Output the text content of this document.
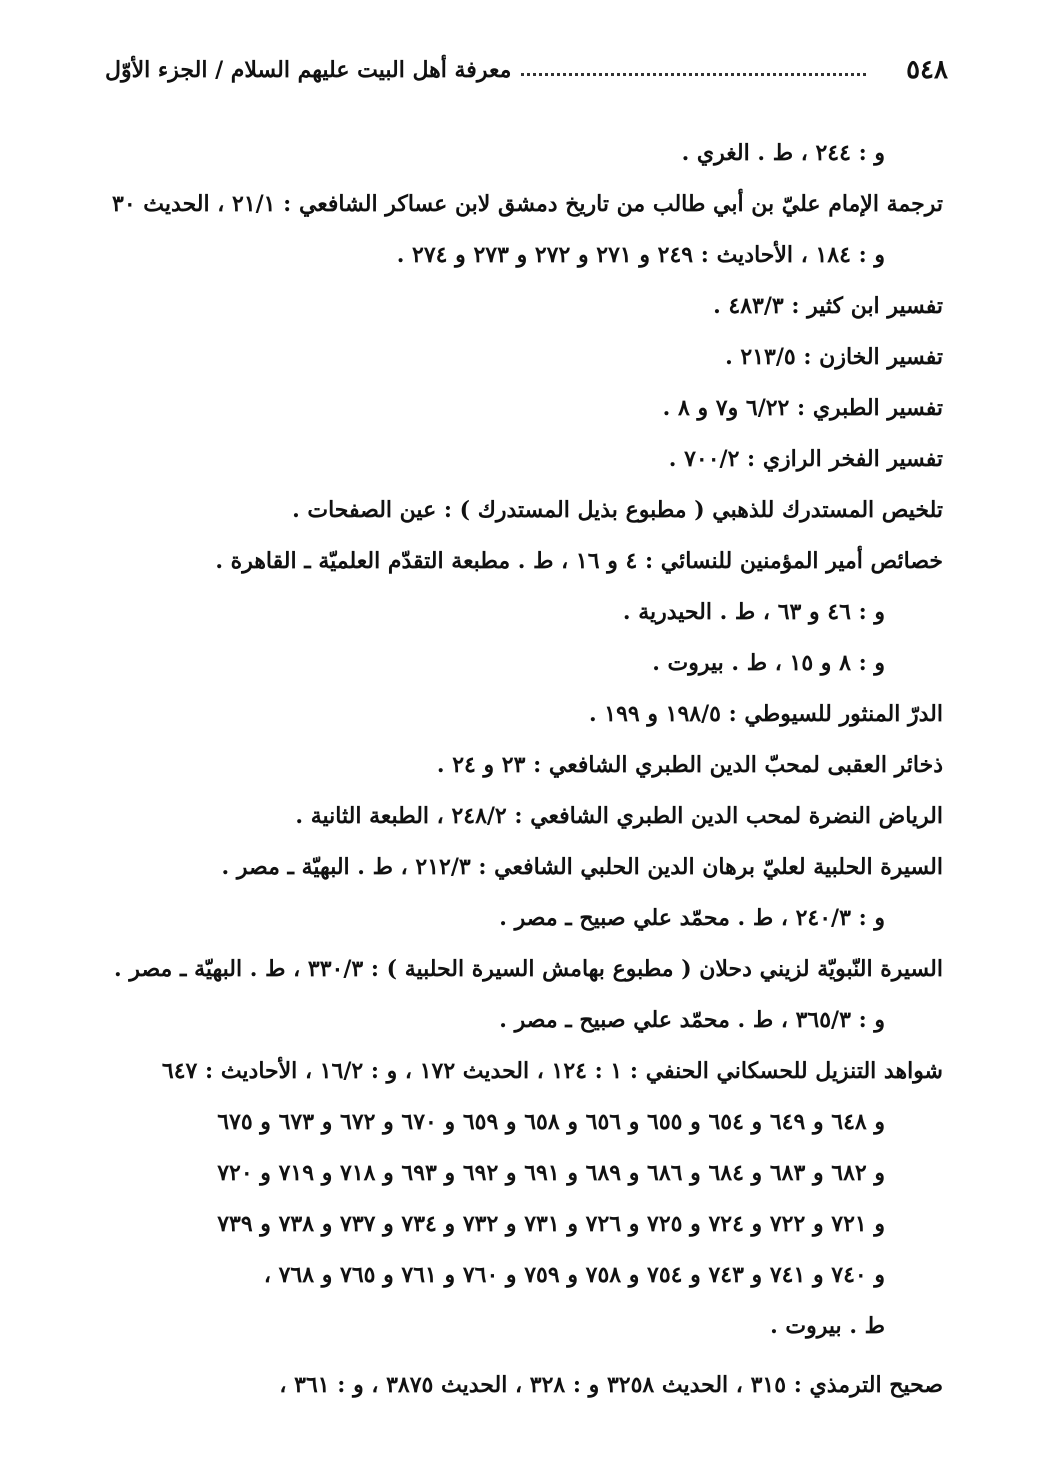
٥٤٨
معرفة أهل البيت عليهم السلام / الجزء الأوّل
و : ٢٤٤ ، ط . الغري .
ترجمة الإمام عليّ بن أبي طالب من تاريخ دمشق لابن عساكر الشافعي : ٢١/١ ، الحديث ٣٠
و : ١٨٤ ، الأحاديث : ٢٤٩ و ٢٧١ و ٢٧٢ و ٢٧٣ و ٢٧٤ .
تفسير ابن كثير : ٤٨٣/٣ .
تفسير الخازن : ٢١٣/٥ .
تفسير الطبري : ٦/٢٢ و٧ و ٨ .
تفسير الفخر الرازي : ٧٠٠/٢ .
تلخيص المستدرك للذهبي ( مطبوع بذيل المستدرك ) : عين الصفحات .
خصائص أمير المؤمنين للنسائي : ٤ و ١٦ ، ط . مطبعة التقدّم العلميّة ـ القاهرة .
و : ٤٦ و ٦٣ ، ط . الحيدرية .
و : ٨ و ١٥ ، ط . بيروت .
الدرّ المنثور للسيوطي : ١٩٨/٥ و ١٩٩ .
ذخائر العقبى لمحبّ الدين الطبري الشافعي : ٢٣ و ٢٤ .
الرياض النضرة لمحب الدين الطبري الشافعي : ٢٤٨/٢ ، الطبعة الثانية .
السيرة الحلبية لعليّ برهان الدين الحلبي الشافعي : ٢١٢/٣ ، ط . البهيّة ـ مصر .
و : ٢٤٠/٣ ، ط . محمّد علي صبيح ـ مصر .
السيرة النّبويّة لزيني دحلان ( مطبوع بهامش السيرة الحلبية ) : ٣٣٠/٣ ، ط . البهيّة ـ مصر .
و : ٣٦٥/٣ ، ط . محمّد علي صبيح ـ مصر .
شواهد التنزيل للحسكاني الحنفي : ١ : ١٢٤ ، الحديث ١٧٢ ، و : ١٦/٢ ، الأحاديث : ٦٤٧
و ٦٤٨ و ٦٤٩ و ٦٥٤ و ٦٥٥ و ٦٥٦ و ٦٥٨ و ٦٥٩ و ٦٧٠ و ٦٧٢ و ٦٧٣ و ٦٧٥
و ٦٨٢ و ٦٨٣ و ٦٨٤ و ٦٨٦ و ٦٨٩ و ٦٩١ و ٦٩٢ و ٦٩٣ و ٧١٨ و ٧١٩ و ٧٢٠
و ٧٢١ و ٧٢٢ و ٧٢٤ و ٧٢٥ و ٧٢٦ و ٧٣١ و ٧٣٢ و ٧٣٤ و ٧٣٧ و ٧٣٨ و ٧٣٩
و ٧٤٠ و ٧٤١ و ٧٤٣ و ٧٥٤ و ٧٥٨ و ٧٥٩ و ٧٦٠ و ٧٦١ و ٧٦٥ و ٧٦٨ ،
ط . بيروت .
صحيح الترمذي : ٣١٥ ، الحديث ٣٢٥٨ و : ٣٢٨ ، الحديث ٣٨٧٥ ، و : ٣٦١ ،
